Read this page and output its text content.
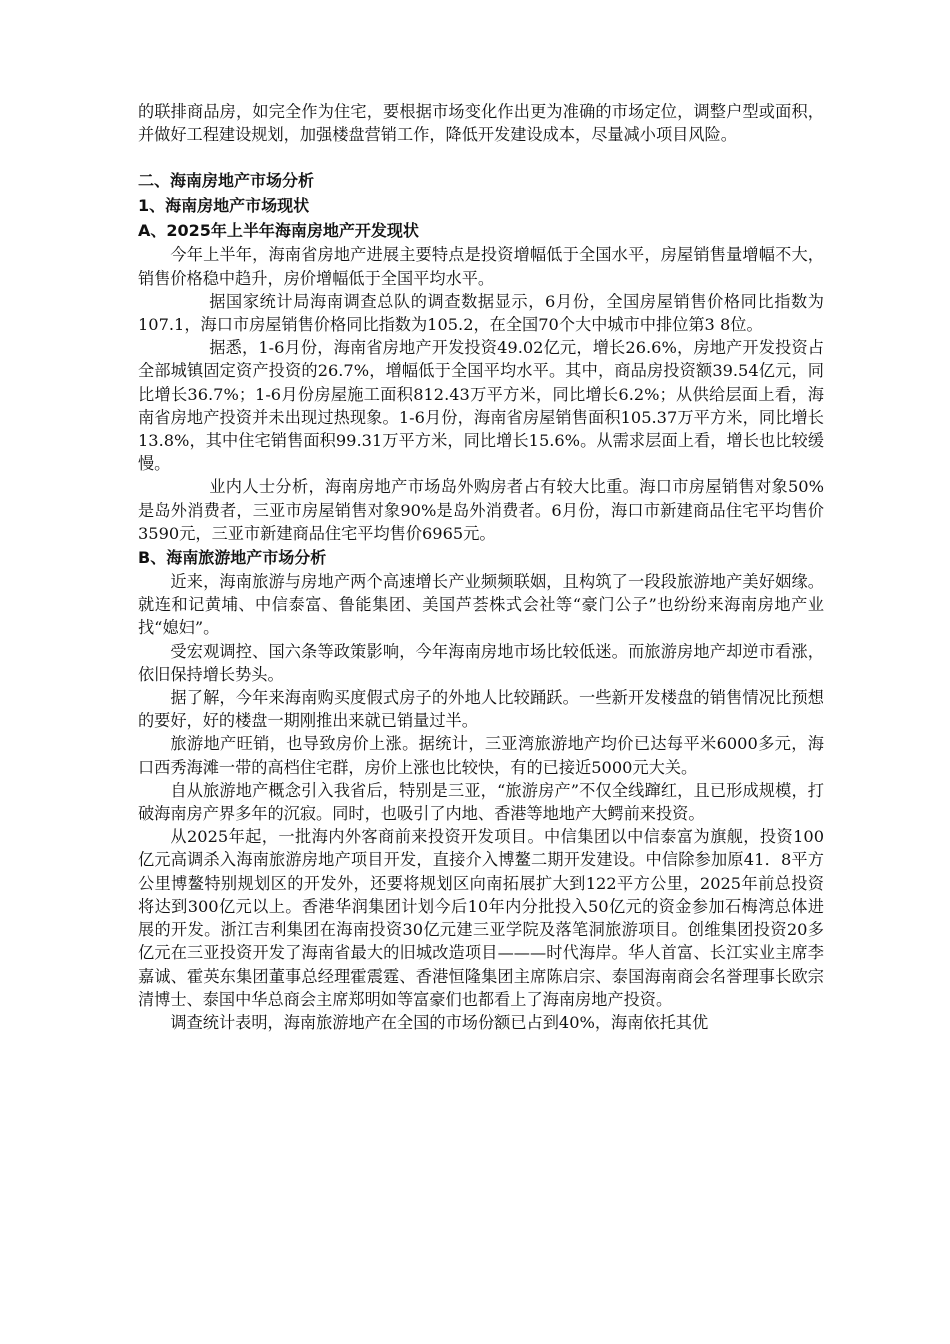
的联排商品房，如完全作为住宅，要根据市场变化作出更为准确的市场定位，调整户型或面积，并做好工程建设规划，加强楼盘营销工作，降低开发建设成本，尽量减小项目风险。

二、海南房地产市场分析
1、海南房地产市场现状
A、2025年上半年海南房地产开发现状

今年上半年，海南省房地产进展主要特点是投资增幅低于全国水平，房屋销售量增幅不大，销售价格稳中趋升，房价增幅低于全国平均水平。

据国家统计局海南调查总队的调查数据显示，6月份，全国房屋销售价格同比指数为107.1，海口市房屋销售价格同比指数为105.2，在全国70个大中城市中排位第3 8位。

据悉，1-6月份，海南省房地产开发投资49.02亿元，增长26.6%，房地产开发投资占全部城镇固定资产投资的26.7%，增幅低于全国平均水平。其中，商品房投资额39.54亿元，同比增长36.7%；1-6月份房屋施工面积812.43万平方米，同比增长6.2%；从供给层面上看，海南省房地产投资并未出现过热现象。1-6月份，海南省房屋销售面积105.37万平方米，同比增长13.8%，其中住宅销售面积99.31万平方米，同比增长15.6%。从需求层面上看，增长也比较缓慢。

业内人士分析，海南房地产市场岛外购房者占有较大比重。海口市房屋销售对象50%是岛外消费者，三亚市房屋销售对象90%是岛外消费者。6月份，海口市新建商品住宅平均售价3590元，三亚市新建商品住宅平均售价6965元。

B、海南旅游地产市场分析

近来，海南旅游与房地产两个高速增长产业频频联姻，且构筑了一段段旅游地产美好姻缘。就连和记黄埔、中信泰富、鲁能集团、美国芦荟株式会社等“豪门公子”也纷纷来海南房地产业找“媳妇”。

受宏观调控、国六条等政策影响，今年海南房地市场比较低迷。而旅游房地产却逆市看涨，依旧保持增长势头。

据了解，今年来海南购买度假式房子的外地人比较踊跃。一些新开发楼盘的销售情况比预想的要好，好的楼盘一期刚推出来就已销量过半。

旅游地产旺销，也导致房价上涨。据统计，三亚湾旅游地产均价已达每平米6000多元，海口西秀海滩一带的高档住宅群，房价上涨也比较快，有的已接近5000元大关。

自从旅游地产概念引入我省后，特别是三亚，“旅游房产”不仅全线蹿红，且已形成规模，打破海南房产界多年的沉寂。同时，也吸引了内地、香港等地地产大鳄前来投资。

从2025年起，一批海内外客商前来投资开发项目。中信集团以中信泰富为旗舰，投资100亿元高调杀入海南旅游房地产项目开发，直接介入博鳌二期开发建设。中信除参加原41．8平方公里博鳌特别规划区的开发外，还要将规划区向南拓展扩大到122平方公里，2025年前总投资将达到300亿元以上。香港华润集团计划今后10年内分批投入50亿元的资金参加石梅湾总体进展的开发。浙江吉利集团在海南投资30亿元建三亚学院及落笔洞旅游项目。创维集团投资20多亿元在三亚投资开发了海南省最大的旧城改造项目———时代海岸。华人首富、长江实业主席李嘉诚、霍英东集团董事总经理霍震霆、香港恒隆集团主席陈启宗、泰国海南商会名誉理事长欧宗清博士、泰国中华总商会主席郑明如等富豪们也都看上了海南房地产投资。

调查统计表明，海南旅游地产在全国的市场份额已占到40%，海南依托其优
